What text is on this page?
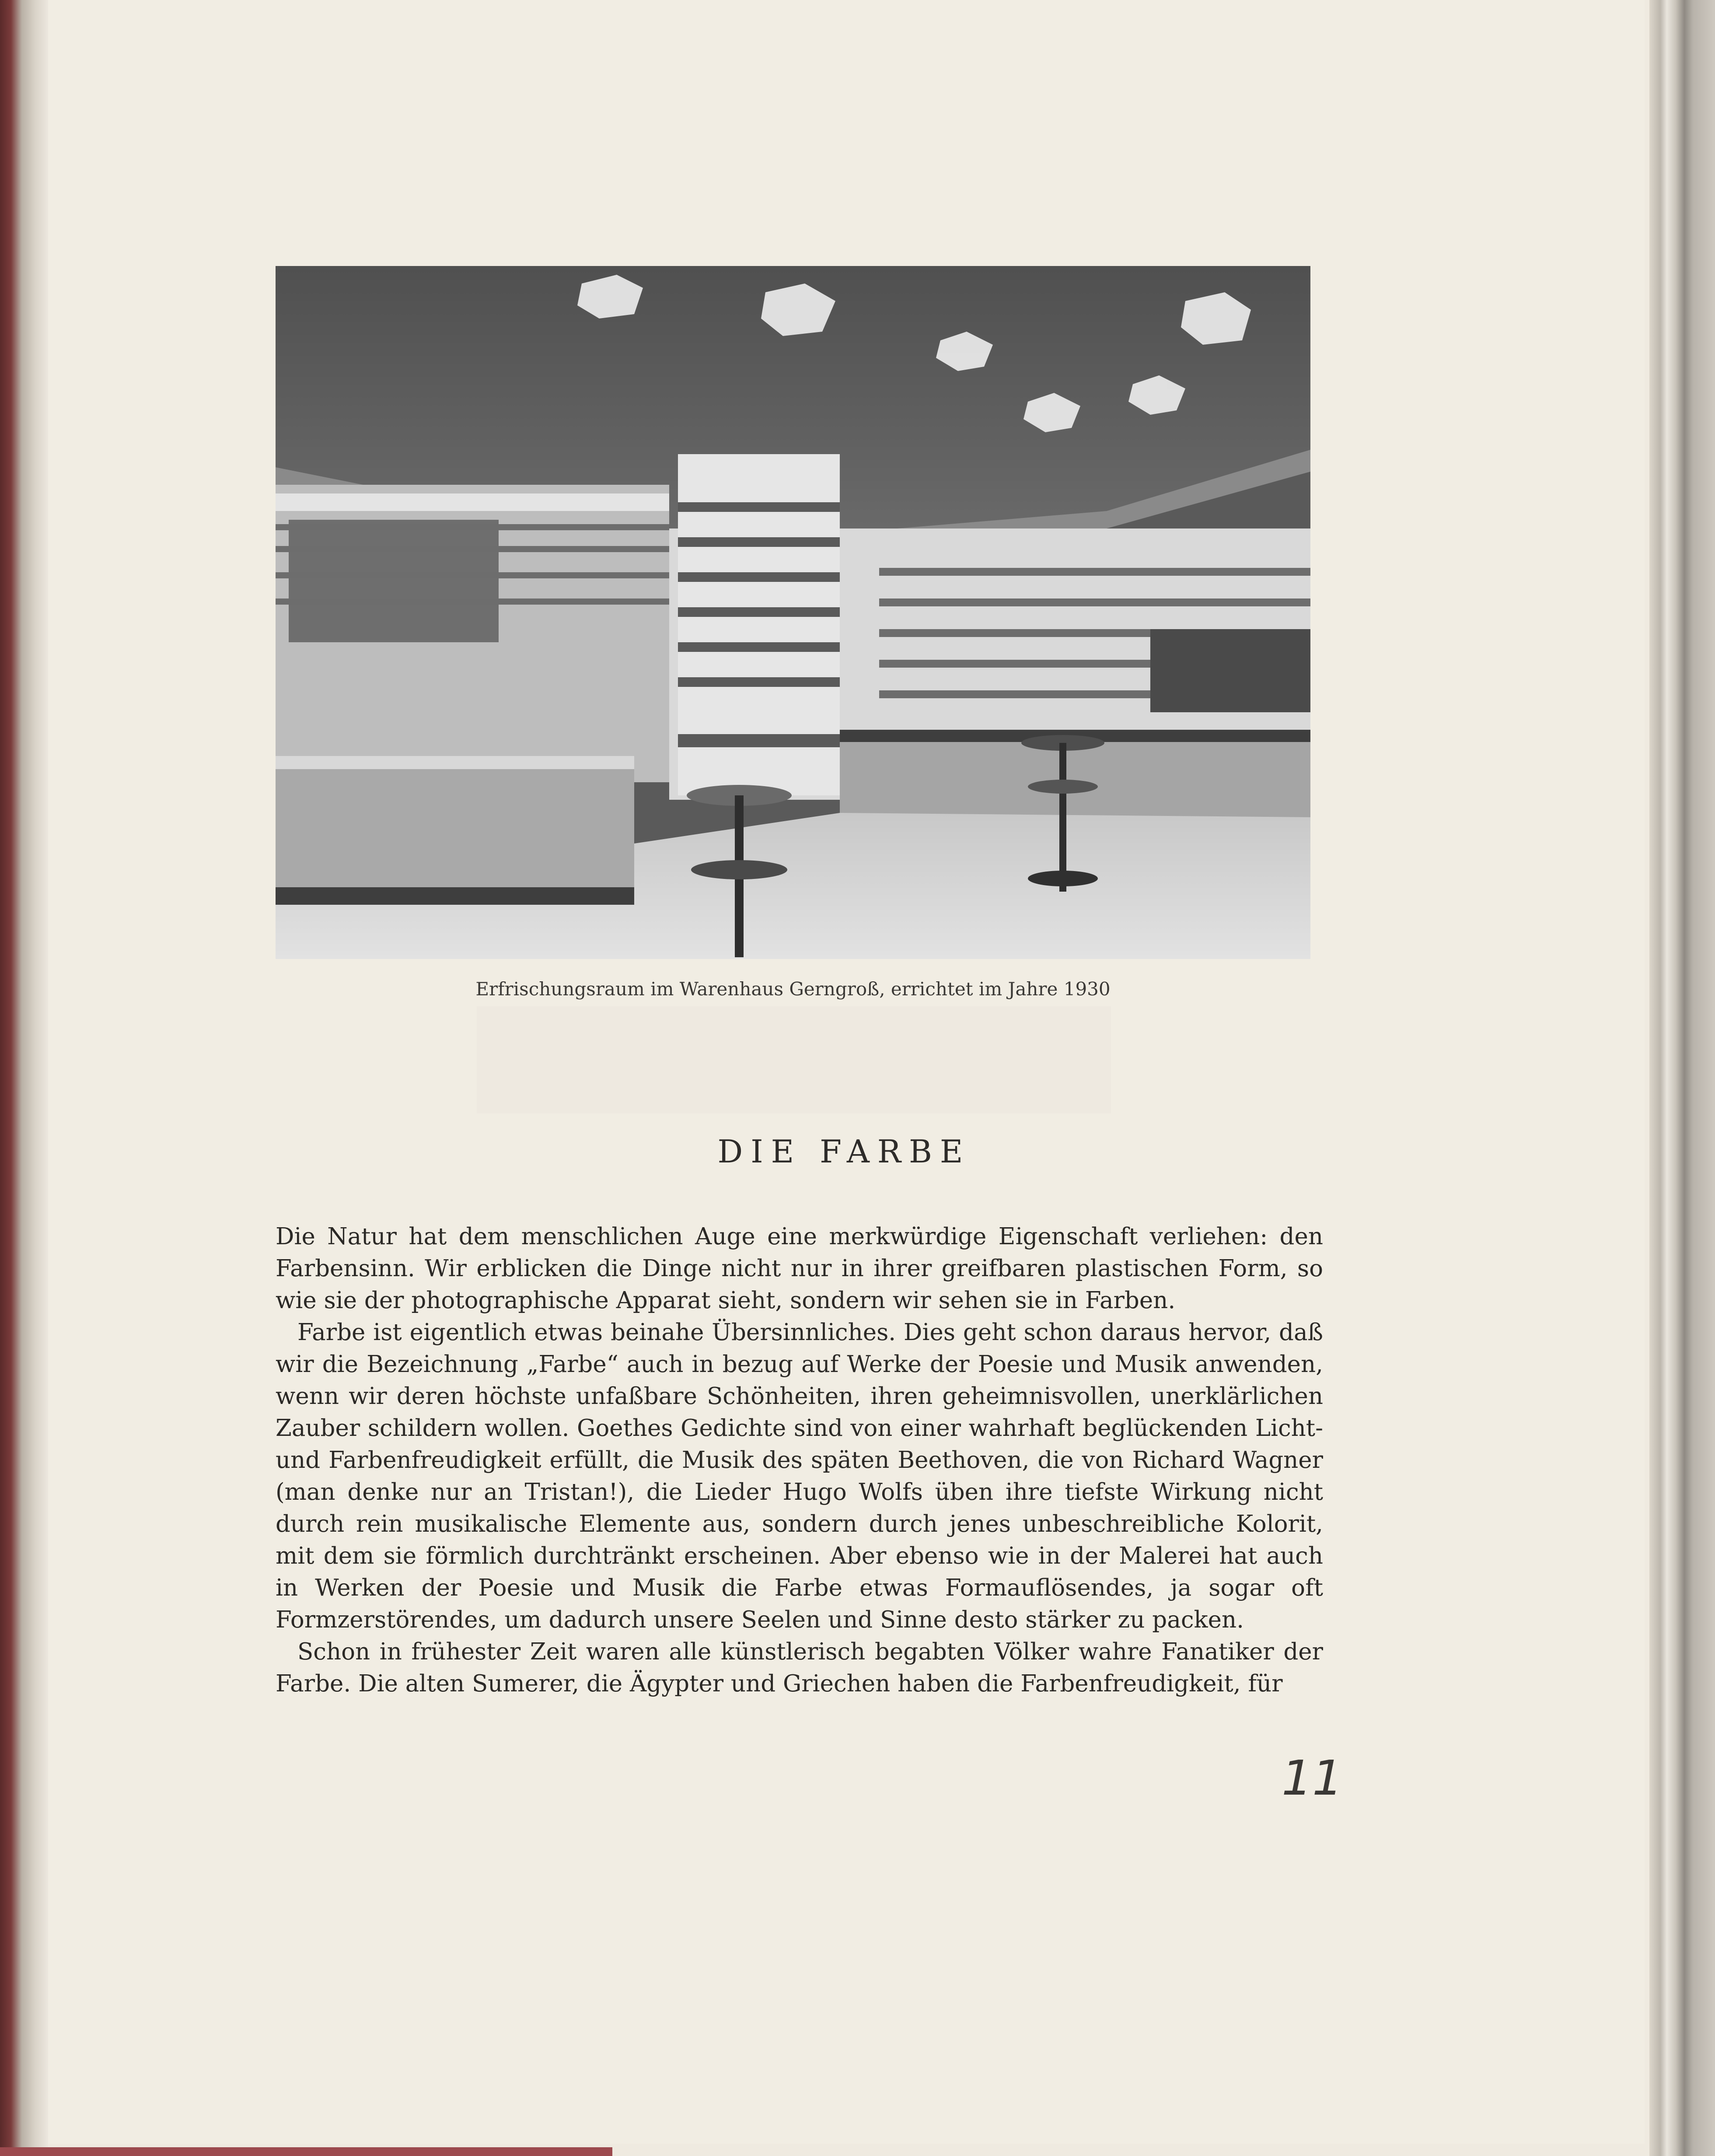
Erfrischungsraum im Warenhaus Gerngroß, errichtet im Jahre 1930
DIE FARBE

Die Natur hat dem menschlichen Auge eine merkwürdige Eigenschaft verliehen: den Farbensinn. Wir erblicken die Dinge nicht nur in ihrer greifbaren plastischen Form, so wie sie der photographische Apparat sieht, sondern wir sehen sie in Farben.

Farbe ist eigentlich etwas beinahe Übersinnliches. Dies geht schon daraus hervor, daß wir die Bezeichnung „Farbe“ auch in bezug auf Werke der Poesie und Musik anwenden, wenn wir deren höchste unfaßbare Schönheiten, ihren geheimnisvollen, unerklärlichen Zauber schildern wollen. Goethes Gedichte sind von einer wahrhaft beglückenden Licht- und Farbenfreudigkeit erfüllt, die Musik des späten Beethoven, die von Richard Wagner (man denke nur an Tristan!), die Lieder Hugo Wolfs üben ihre tiefste Wirkung nicht durch rein musikalische Elemente aus, sondern durch jenes unbeschreibliche Kolorit, mit dem sie förmlich durchtränkt erscheinen. Aber ebenso wie in der Malerei hat auch in Werken der Poesie und Musik die Farbe etwas Formauflösendes, ja sogar oft Formzerstörendes, um dadurch unsere Seelen und Sinne desto stärker zu packen.

Schon in frühester Zeit waren alle künstlerisch begabten Völker wahre Fanatiker der Farbe. Die alten Sumerer, die Ägypter und Griechen haben die Farbenfreudigkeit, für

11
